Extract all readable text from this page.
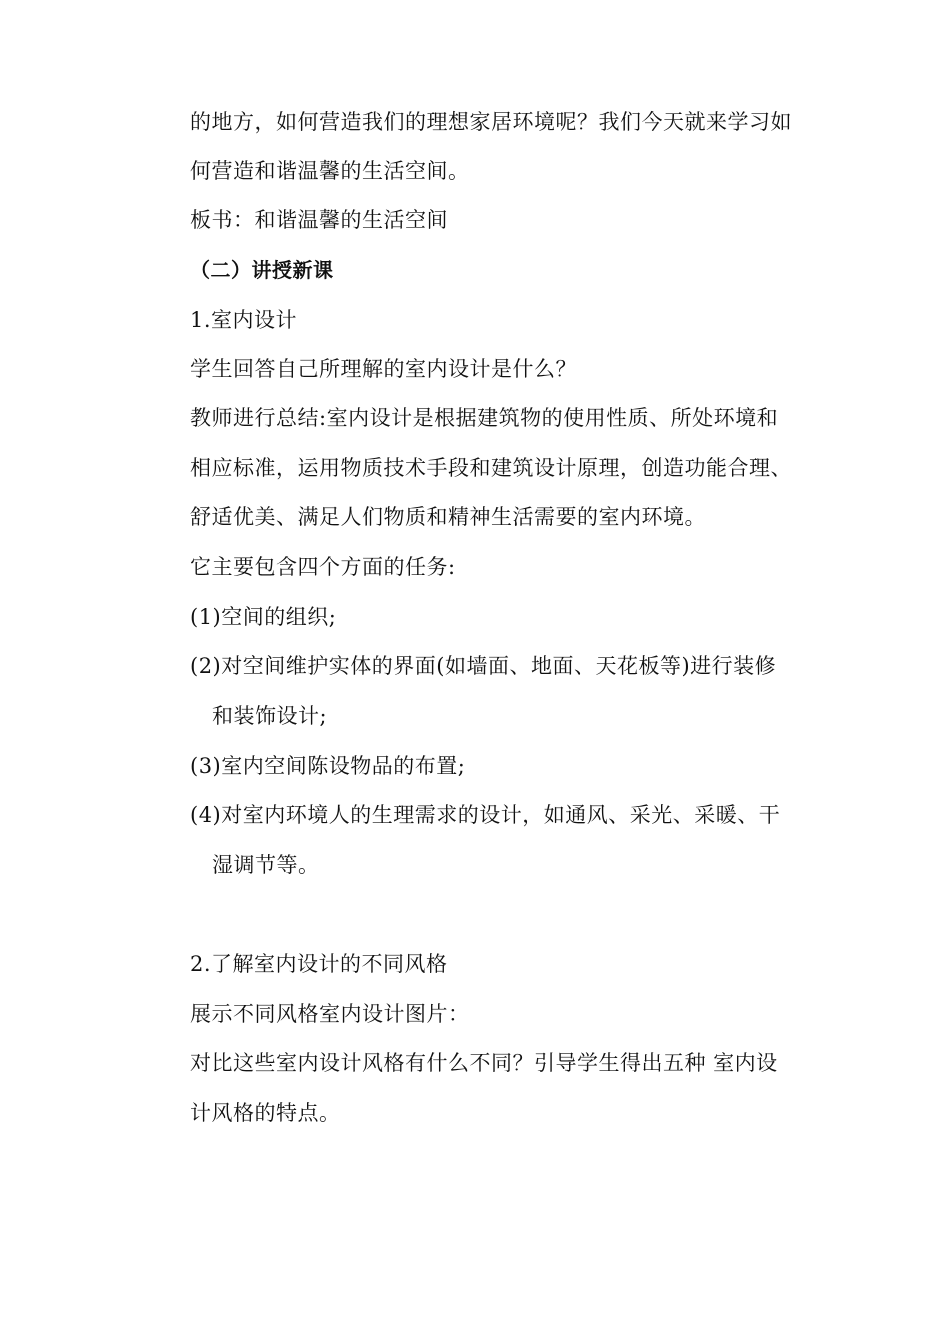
的地方，如何营造我们的理想家居环境呢？我们今天就来学习如
何营造和谐温馨的生活空间。
板书：和谐温馨的生活空间
（二）讲授新课
1.室内设计
学生回答自己所理解的室内设计是什么？
教师进行总结:室内设计是根据建筑物的使用性质、所处环境和
相应标准，运用物质技术手段和建筑设计原理，创造功能合理、
舒适优美、满足人们物质和精神生活需要的室内环境。
它主要包含四个方面的任务:
(1)空间的组织;
(2)对空间维护实体的界面(如墙面、地面、天花板等)进行装修
和装饰设计;
(3)室内空间陈设物品的布置;
(4)对室内环境人的生理需求的设计，如通风、采光、采暖、干
湿调节等。
2.了解室内设计的不同风格
展示不同风格室内设计图片：
对比这些室内设计风格有什么不同？引导学生得出五种 室内设
计风格的特点。
